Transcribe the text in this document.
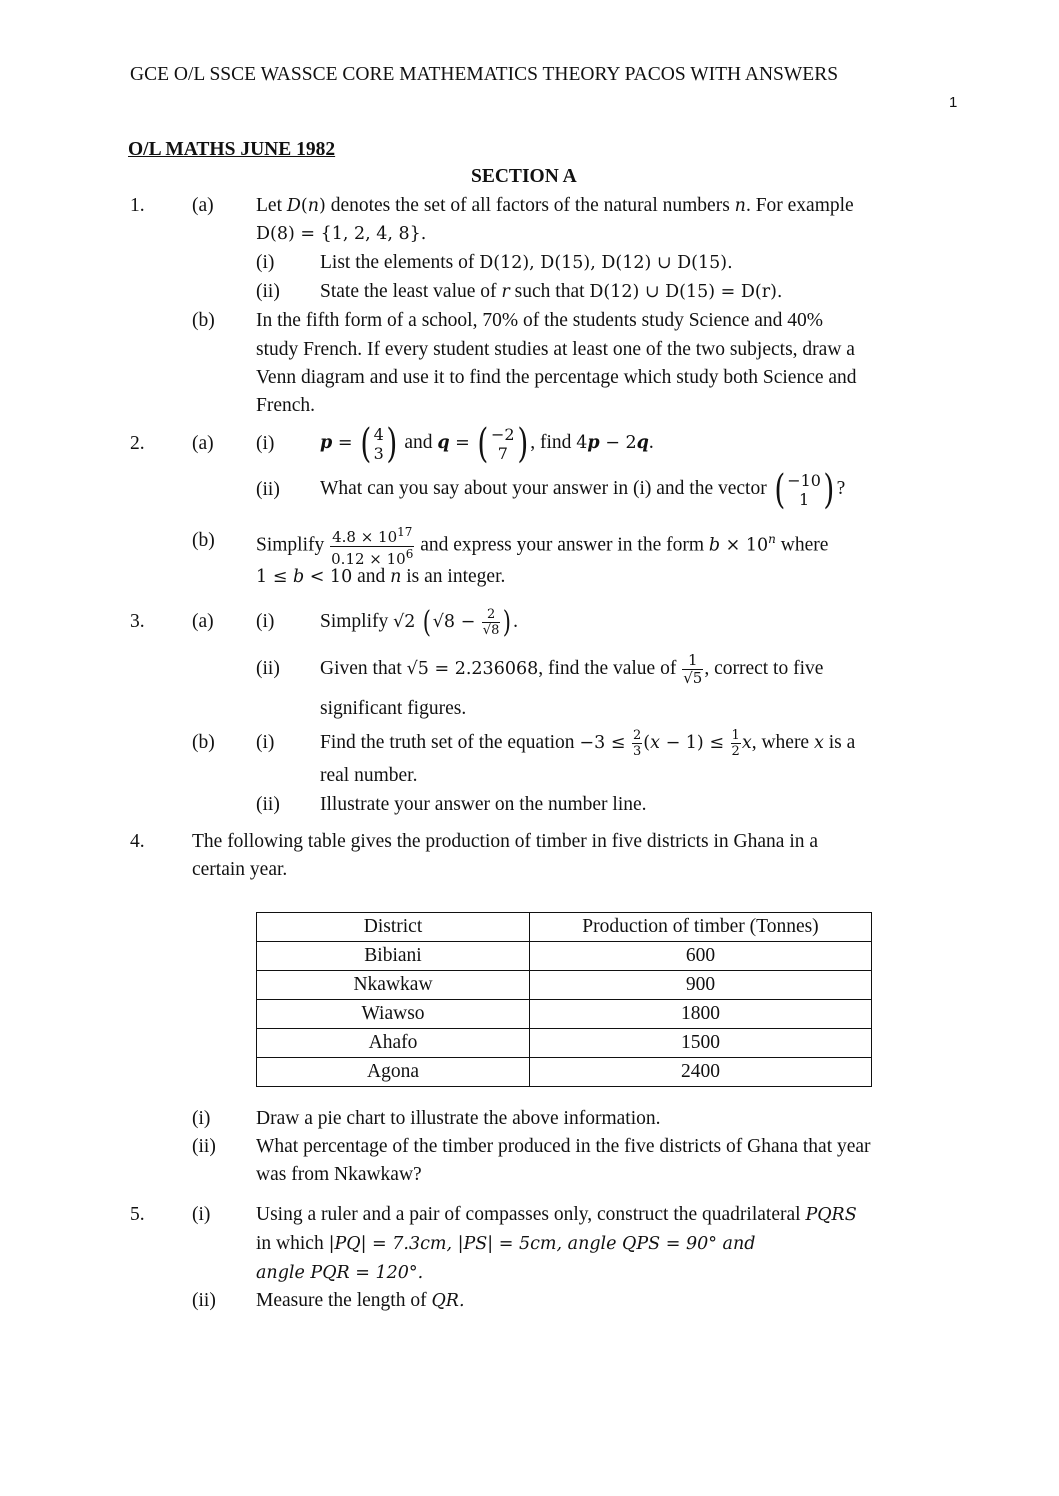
GCE O/L SSCE WASSCE CORE MATHEMATICS THEORY PACOS WITH ANSWERS
1
O/L MATHS JUNE 1982
SECTION A
1. (a) Let D(n) denotes the set of all factors of the natural numbers n. For example
D(8) = {1, 2, 4, 8}.
(i) List the elements of D(12), D(15), D(12) ∪ D(15).
(ii) State the least value of r such that D(12) ∪ D(15) = D(r).
(b) In the fifth form of a school, 70% of the students study Science and 40%
study French. If every student studies at least one of the two subjects, draw a
Venn diagram and use it to find the percentage which study both Science and
French.
2. (a) (i)	p = ( 4
3) and q = ( −2
7 ) , find 4p − 2q.
(ii) What can you say about your answer in (i) and the vector ( −10
1 ) ?
(b) Simplify $\frac{4.8 \times 10^{17}}{0.12 \times 10^6}$ and express your answer in the form $b \times 10^n$ where
1 ≤ b < 10 and n is an integer.
3. (a) (i) Simplify √2 ( $√8 - \frac{2}{√8}$ ).
(ii) Given that √5 = 2.236068, find the value of $\frac{1}{√5}$ , correct to five
significant figures.
(b) (i) Find the truth set of the equation $-3 \le \frac{2}{3} (x - 1) \le \frac{1}{2} x$, where x is a
real number.
(ii) Illustrate your answer on the number line.
4. The following table gives the production of timber in five districts in Ghana in a
certain year.
District	Production of timber (Tonnes)
Bibiani	600
Nkawkaw	900
Wiawso	1800
Ahafo	1500
Agona	2400
(i) Draw a pie chart to illustrate the above information.
(ii) What percentage of the timber produced in the five districts of Ghana that year
was from Nkawkaw?
5. (i) Using a ruler and a pair of compasses only, construct the quadrilateral PQRS
in which |PQ| = 7.3cm, |PS| = 5cm, angle QPS = 90° and
angle PQR = 120°.
(ii) Measure the length of QR.
